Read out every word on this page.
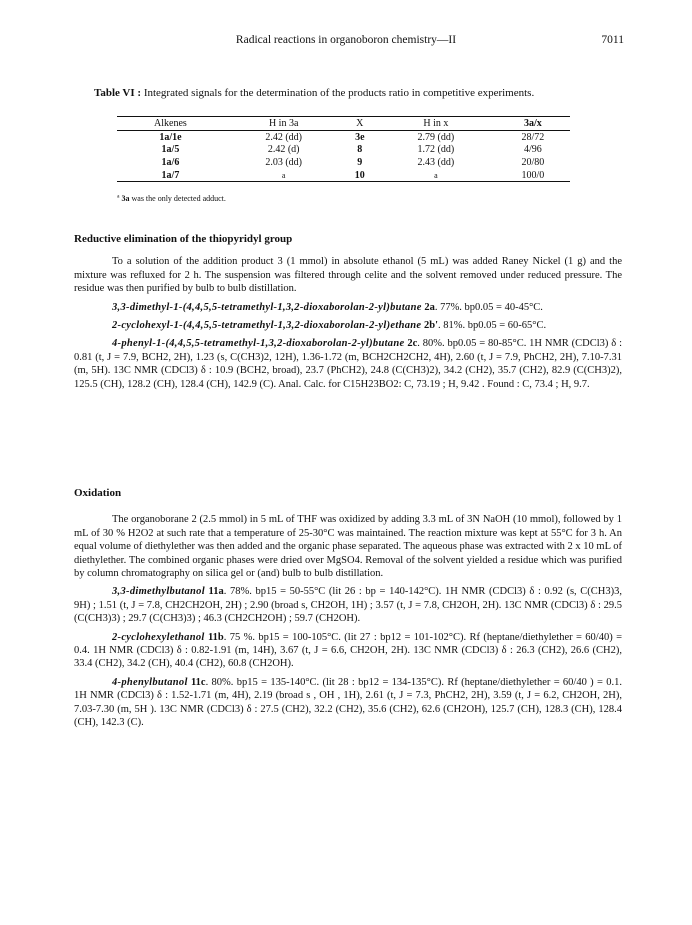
Radical reactions in organoboron chemistry—II	7011
Table VI : Integrated signals for the determination of the products ratio in competitive experiments.
Alkenes	H in 3a	X	H in x	3a/x
1a/1e	2.42 (dd)	3e	2.79 (dd)	28/72
1a/5	2.42 (d)	8	1.72 (dd)	4/96
1a/6	2.03 (dd)	9	2.43 (dd)	20/80
1a/7	a	10	a	100/0
$^a$ 3a was the only detected adduct.

Reductive elimination of the thiopyridyl group

To a solution of the addition product 3 (1 mmol) in absolute ethanol (5 mL) was added Raney Nickel (1 g) and the mixture was refluxed for 2 h. The suspension was filtered through celite and the solvent removed under reduced pressure. The residue was then purified by bulb to bulb distillation.

3,3-dimethyl-1-(4,4,5,5-tetramethyl-1,3,2-dioxaborolan-2-yl)butane 2a. 77%. bp0.05 = 40-45°C.

2-cyclohexyl-1-(4,4,5,5-tetramethyl-1,3,2-dioxaborolan-2-yl)ethane 2b'. 81%. bp0.05 = 60-65°C.

4-phenyl-1-(4,4,5,5-tetramethyl-1,3,2-dioxaborolan-2-yl)butane 2c. 80%. bp0.05 = 80-85°C. 1H NMR (CDCl3) δ : 0.81 (t, J = 7.9, BCH2, 2H), 1.23 (s, C(CH3)2, 12H), 1.36-1.72 (m, BCH2CH2CH2, 4H), 2.60 (t, J = 7.9, PhCH2, 2H), 7.10-7.31 (m, 5H). 13C NMR (CDCl3) δ : 10.9 (BCH2, broad), 23.7 (PhCH2), 24.8 (C(CH3)2), 34.2 (CH2), 35.7 (CH2), 82.9 (C(CH3)2), 125.5 (CH), 128.2 (CH), 128.4 (CH), 142.9 (C). Anal. Calc. for C15H23BO2: C, 73.19 ; H, 9.42 . Found : C, 73.4 ; H, 9.7.

Oxidation

The organoborane 2 (2.5 mmol) in 5 mL of THF was oxidized by adding 3.3 mL of 3N NaOH (10 mmol), followed by 1 mL of 30 % H2O2 at such rate that a temperature of 25-30°C was maintained. The reaction mixture was kept at 55°C for 3 h. An equal volume of diethylether was then added and the organic phase separated. The aqueous phase was extracted with 2 x 10 mL of diethylether. The combined organic phases were dried over MgSO4. Removal of the solvent yielded a residue which was purified by column chromatography on silica gel or (and) bulb to bulb distillation.

3,3-dimethylbutanol 11a. 78%. bp15 = 50-55°C (lit 26 : bp = 140-142°C). 1H NMR (CDCl3) δ : 0.92 (s, C(CH3)3, 9H) ; 1.51 (t, J = 7.8, CH2CH2OH, 2H) ; 2.90 (broad s, CH2OH, 1H) ; 3.57 (t, J = 7.8, CH2OH, 2H). 13C NMR (CDCl3) δ : 29.5 (C(CH3)3) ; 29.7 (C(CH3)3) ; 46.3 (CH2CH2OH) ; 59.7 (CH2OH).

2-cyclohexylethanol 11b. 75 %. bp15 = 100-105°C. (lit 27 : bp12 = 101-102°C). Rf (heptane/diethylether = 60/40) = 0.4. 1H NMR (CDCl3) δ : 0.82-1.91 (m, 14H), 3.67 (t, J = 6.6, CH2OH, 2H). 13C NMR (CDCl3) δ : 26.3 (CH2), 26.6 (CH2), 33.4 (CH2), 34.2 (CH), 40.4 (CH2), 60.8 (CH2OH).

4-phenylbutanol 11c. 80%. bp15 = 135-140°C. (lit 28 : bp12 = 134-135°C). Rf (heptane/diethylether = 60/40 ) = 0.1. 1H NMR (CDCl3) δ : 1.52-1.71 (m, 4H), 2.19 (broad s , OH , 1H), 2.61 (t, J = 7.3, PhCH2, 2H), 3.59 (t, J = 6.2, CH2OH, 2H), 7.03-7.30 (m, 5H ). 13C NMR (CDCl3) δ : 27.5 (CH2), 32.2 (CH2), 35.6 (CH2), 62.6 (CH2OH), 125.7 (CH), 128.3 (CH), 128.4 (CH), 142.3 (C).
